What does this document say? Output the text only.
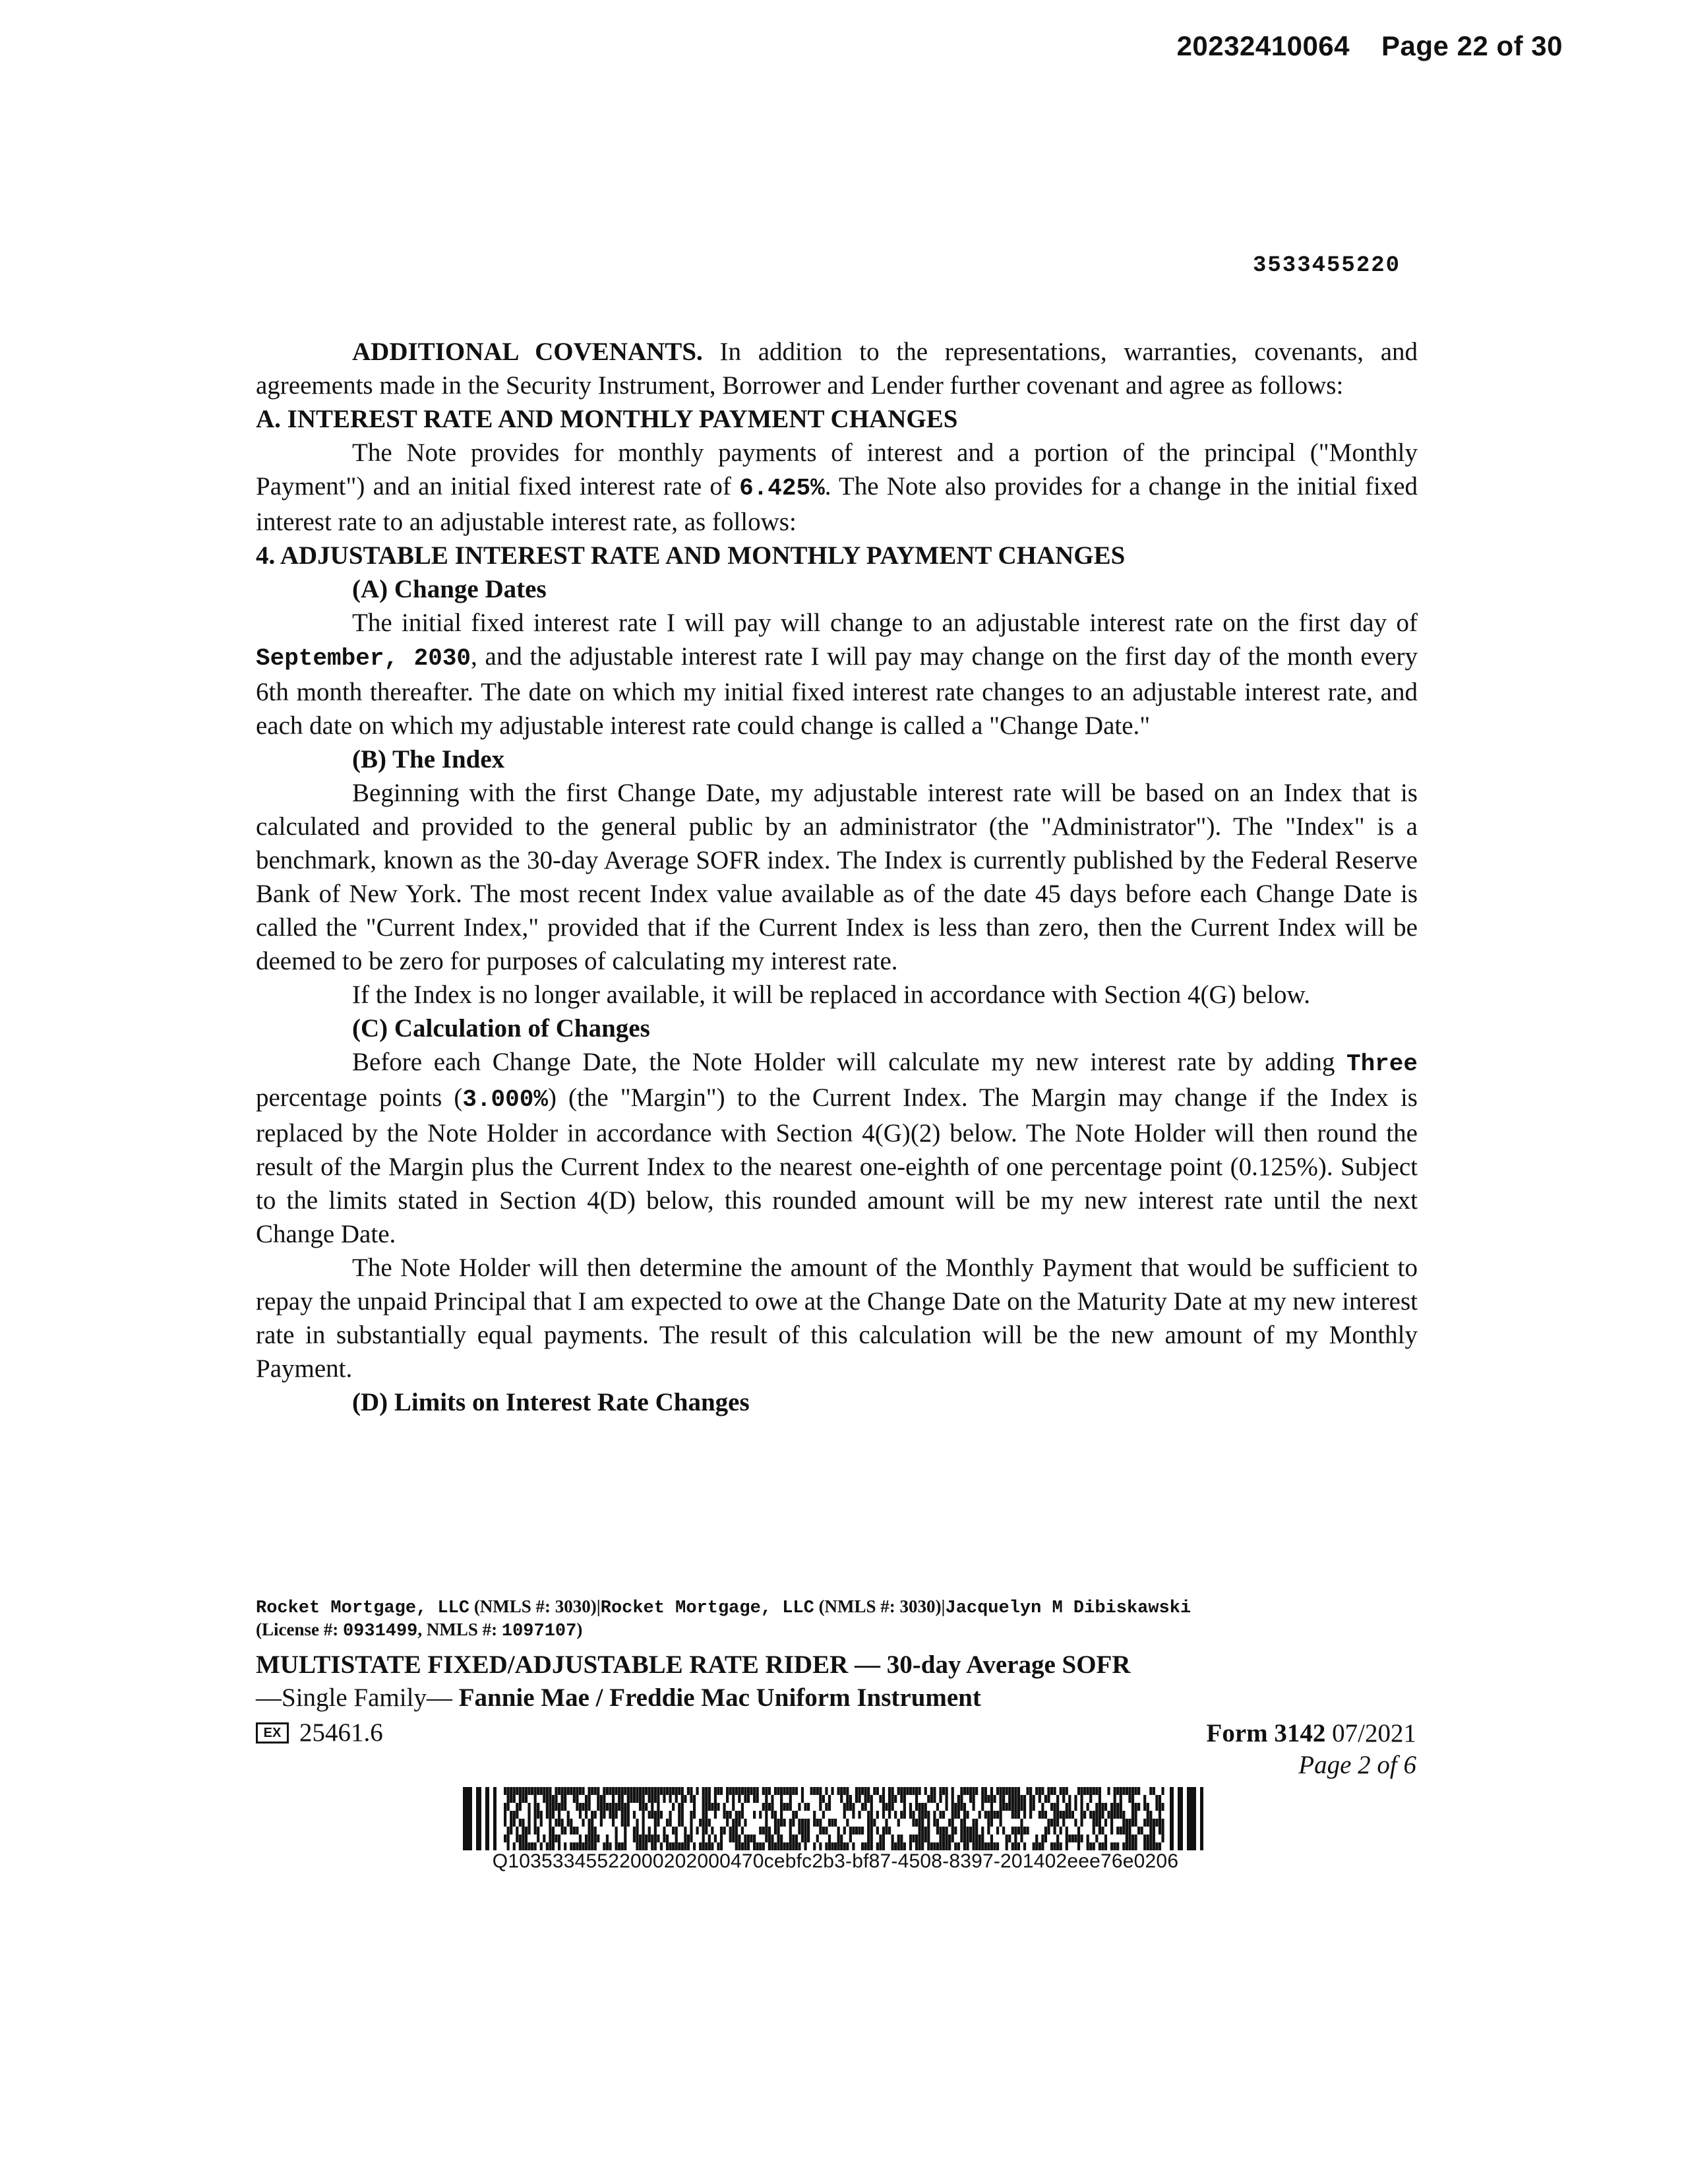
20232410064 Page 22 of 30
3533455220

ADDITIONAL COVENANTS. In addition to the representations, warranties, covenants, and agreements made in the Security Instrument, Borrower and Lender further covenant and agree as follows:

A. INTEREST RATE AND MONTHLY PAYMENT CHANGES

The Note provides for monthly payments of interest and a portion of the principal ("Monthly Payment") and an initial fixed interest rate of 6.425%. The Note also provides for a change in the initial fixed interest rate to an adjustable interest rate, as follows:

4. ADJUSTABLE INTEREST RATE AND MONTHLY PAYMENT CHANGES

(A) Change Dates

The initial fixed interest rate I will pay will change to an adjustable interest rate on the first day of September, 2030, and the adjustable interest rate I will pay may change on the first day of the month every 6th month thereafter. The date on which my initial fixed interest rate changes to an adjustable interest rate, and each date on which my adjustable interest rate could change is called a "Change Date."

(B) The Index

Beginning with the first Change Date, my adjustable interest rate will be based on an Index that is calculated and provided to the general public by an administrator (the "Administrator"). The "Index" is a benchmark, known as the 30-day Average SOFR index. The Index is currently published by the Federal Reserve Bank of New York. The most recent Index value available as of the date 45 days before each Change Date is called the "Current Index," provided that if the Current Index is less than zero, then the Current Index will be deemed to be zero for purposes of calculating my interest rate.

If the Index is no longer available, it will be replaced in accordance with Section 4(G) below.

(C) Calculation of Changes

Before each Change Date, the Note Holder will calculate my new interest rate by adding Three percentage points (3.000%) (the "Margin") to the Current Index. The Margin may change if the Index is replaced by the Note Holder in accordance with Section 4(G)(2) below. The Note Holder will then round the result of the Margin plus the Current Index to the nearest one-eighth of one percentage point (0.125%). Subject to the limits stated in Section 4(D) below, this rounded amount will be my new interest rate until the next Change Date.

The Note Holder will then determine the amount of the Monthly Payment that would be sufficient to repay the unpaid Principal that I am expected to owe at the Change Date on the Maturity Date at my new interest rate in substantially equal payments. The result of this calculation will be the new amount of my Monthly Payment.

(D) Limits on Interest Rate Changes

Rocket Mortgage, LLC (NMLS #: 3030)|Rocket Mortgage, LLC (NMLS #: 3030)|Jacquelyn M Dibiskawski
(License #: 0931499, NMLS #: 1097107)
MULTISTATE FIXED/ADJUSTABLE RATE RIDER — 30-day Average SOFR
—Single Family— Fannie Mae / Freddie Mac Uniform Instrument
EX 25461.6	Form 3142 07/2021
Page 2 of 6
Q10353345522000202000470cebfc2b3-bf87-4508-8397-201402eee76e0206
